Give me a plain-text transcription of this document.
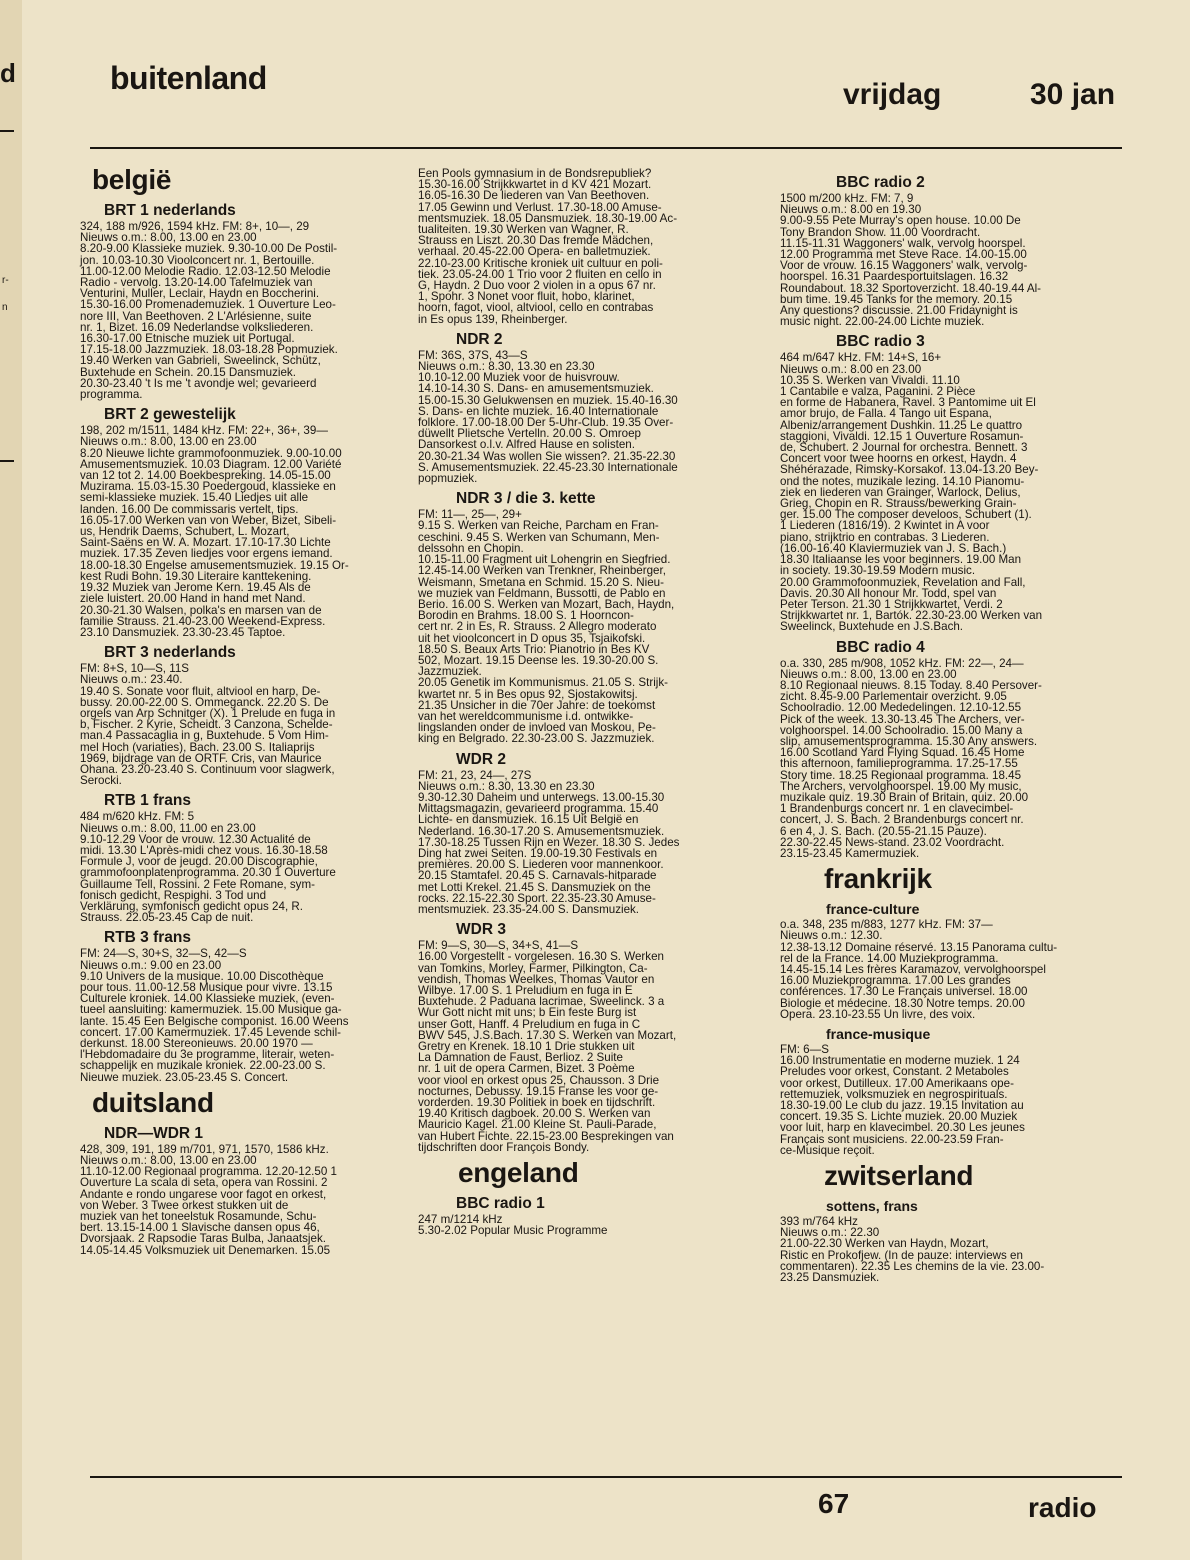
d
r-
n
buitenland	vrijdag	30 jan
belgië
BRT 1 nederlands

324, 188 m/926, 1594 kHz. FM: 8+, 10—, 29
Nieuws o.m.: 8.00, 13.00 en 23.00
8.20-9.00 Klassieke muziek. 9.30-10.00 De Postil-
jon. 10.03-10.30 Vioolconcert nr. 1, Bertouille.
11.00-12.00 Melodie Radio. 12.03-12.50 Melodie
Radio - vervolg. 13.20-14.00 Tafelmuziek van
Venturini, Muller, Leclair, Haydn en Boccherini.
15.30-16.00 Promenademuziek. 1 Ouverture Leo-
nore III, Van Beethoven. 2 L'Arlésienne, suite
nr. 1, Bizet. 16.09 Nederlandse volksliederen.
16.30-17.00 Etnische muziek uit Portugal.
17.15-18.00 Jazzmuziek. 18.03-18.28 Popmuziek.
19.40 Werken van Gabrieli, Sweelinck, Schütz,
Buxtehude en Schein. 20.15 Dansmuziek.
20.30-23.40 't Is me 't avondje wel; gevarieerd
programma.

BRT 2 gewestelijk

198, 202 m/1511, 1484 kHz. FM: 22+, 36+, 39—
Nieuws o.m.: 8.00, 13.00 en 23.00
8.20 Nieuwe lichte grammofoonmuziek. 9.00-10.00
Amusementsmuziek. 10.03 Diagram. 12.00 Variété
van 12 tot 2. 14.00 Boekbespreking. 14.05-15.00
Muzirama. 15.03-15.30 Poedergoud, klassieke en
semi-klassieke muziek. 15.40 Liedjes uit alle
landen. 16.00 De commissaris vertelt, tips.
16.05-17.00 Werken van von Weber, Bizet, Sibeli-
us, Hendrik Daems, Schubert, L. Mozart,
Saint-Saëns en W. A. Mozart. 17.10-17.30 Lichte
muziek. 17.35 Zeven liedjes voor ergens iemand.
18.00-18.30 Engelse amusementsmuziek. 19.15 Or-
kest Rudi Bohn. 19.30 Literaire kanttekening.
19.32 Muziek van Jerome Kern. 19.45 Als de
ziele luistert. 20.00 Hand in hand met Nand.
20.30-21.30 Walsen, polka's en marsen van de
familie Strauss. 21.40-23.00 Weekend-Express.
23.10 Dansmuziek. 23.30-23.45 Taptoe.

BRT 3 nederlands

FM: 8+S, 10—S, 11S
Nieuws o.m.: 23.40.
19.40 S. Sonate voor fluit, altviool en harp, De-
bussy. 20.00-22.00 S. Ommeganck. 22.20 S. De
orgels van Arp Schnitger (X). 1 Prelude en fuga in
b, Fischer. 2 Kyrie, Scheidt. 3 Canzona, Schelde-
man.4 Passacaglia in g, Buxtehude. 5 Vom Him-
mel Hoch (variaties), Bach. 23.00 S. Italiaprijs
1969, bijdrage van de ORTF. Cris, van Maurice
Ohana. 23.20-23.40 S. Continuum voor slagwerk,
Serocki.

RTB 1 frans

484 m/620 kHz. FM: 5
Nieuws o.m.: 8.00, 11.00 en 23.00
9.10-12.29 Voor de vrouw. 12.30 Actualité de
midi. 13.30 L'Après-midi chez vous. 16.30-18.58
Formule J, voor de jeugd. 20.00 Discographie,
grammofoonplatenprogramma. 20.30 1 Ouverture
Guillaume Tell, Rossini. 2 Fete Romane, sym-
fonisch gedicht, Respighi. 3 Tod und
Verklärung, symfonisch gedicht opus 24, R.
Strauss. 22.05-23.45 Cap de nuit.

RTB 3 frans

FM: 24—S, 30+S, 32—S, 42—S
Nieuws o.m.: 9.00 en 23.00
9.10 Univers de la musique. 10.00 Discothèque
pour tous. 11.00-12.58 Musique pour vivre. 13.15
Culturele kroniek. 14.00 Klassieke muziek, (even-
tueel aansluiting: kamermuziek. 15.00 Musique ga-
lante. 15.45 Een Belgische componist. 16.00 Weens
concert. 17.00 Kamermuziek. 17.45 Levende schil-
derkunst. 18.00 Stereonieuws. 20.00 1970 —
l'Hebdomadaire du 3e programme, literair, weten-
schappelijk en muzikale kroniek. 22.00-23.00 S.
Nieuwe muziek. 23.05-23.45 S. Concert.

duitsland
NDR—WDR 1

428, 309, 191, 189 m/701, 971, 1570, 1586 kHz.
Nieuws o.m.: 8.00, 13.00 en 23.00
11.10-12.00 Regionaal programma. 12.20-12.50 1
Ouverture La scala di seta, opera van Rossini. 2
Andante e rondo ungarese voor fagot en orkest,
von Weber. 3 Twee orkest stukken uit de
muziek van het toneelstuk Rosamunde, Schu-
bert. 13.15-14.00 1 Slavische dansen opus 46,
Dvorsjaak. 2 Rapsodie Taras Bulba, Janaatsjek.
14.05-14.45 Volksmuziek uit Denemarken. 15.05

Een Pools gymnasium in de Bondsrepubliek?
15.30-16.00 Strijkkwartet in d KV 421 Mozart.
16.05-16.30 De liederen van Van Beethoven.
17.05 Gewinn und Verlust. 17.30-18.00 Amuse-
mentsmuziek. 18.05 Dansmuziek. 18.30-19.00 Ac-
tualiteiten. 19.30 Werken van Wagner, R.
Strauss en Liszt. 20.30 Das fremde Mädchen,
verhaal. 20.45-22.00 Opera- en balletmuziek.
22.10-23.00 Kritische kroniek uit cultuur en poli-
tiek. 23.05-24.00 1 Trio voor 2 fluiten en cello in
G, Haydn. 2 Duo voor 2 violen in a opus 67 nr.
1, Spohr. 3 Nonet voor fluit, hobo, klarinet,
hoorn, fagot, viool, altviool, cello en contrabas
in Es opus 139, Rheinberger.

NDR 2

FM: 36S, 37S, 43—S
Nieuws o.m.: 8.30, 13.30 en 23.30
10.10-12.00 Muziek voor de huisvrouw.
14.10-14.30 S. Dans- en amusementsmuziek.
15.00-15.30 Gelukwensen en muziek. 15.40-16.30
S. Dans- en lichte muziek. 16.40 Internationale
folklore. 17.00-18.00 Der 5-Uhr-Club. 19.35 Over-
düwellt Plietsche Vertelln. 20.00 S. Omroep
Dansorkest o.l.v. Alfred Hause en solisten.
20.30-21.34 Was wollen Sie wissen?. 21.35-22.30
S. Amusementsmuziek. 22.45-23.30 Internationale
popmuziek.

NDR 3 / die 3. kette

FM: 11—, 25—, 29+
9.15 S. Werken van Reiche, Parcham en Fran-
ceschini. 9.45 S. Werken van Schumann, Men-
delssohn en Chopin.
10.15-11.00 Fragment uit Lohengrin en Siegfried.
12.45-14.00 Werken van Trenkner, Rheinberger,
Weismann, Smetana en Schmid. 15.20 S. Nieu-
we muziek van Feldmann, Bussotti, de Pablo en
Berio. 16.00 S. Werken van Mozart, Bach, Haydn,
Borodin en Brahms. 18.00 S. 1 Hoorncon-
cert nr. 2 in Es, R. Strauss. 2 Allegro moderato
uit het vioolconcert in D opus 35, Tsjaikofski.
18.50 S. Beaux Arts Trio: Pianotrio in Bes KV
502, Mozart. 19.15 Deense les. 19.30-20.00 S.
Jazzmuziek.
20.05 Genetik im Kommunismus. 21.05 S. Strijk-
kwartet nr. 5 in Bes opus 92, Sjostakowitsj.
21.35 Unsicher in die 70er Jahre: de toekomst
van het wereldcommunisme i.d. ontwikke-
lingslanden onder de invloed van Moskou, Pe-
king en Belgrado. 22.30-23.00 S. Jazzmuziek.

WDR 2

FM: 21, 23, 24—, 27S
Nieuws o.m.: 8.30, 13.30 en 23.30
9.30-12.30 Daheim und unterwegs. 13.00-15.30
Mittagsmagazin, gevarieerd programma. 15.40
Lichte- en dansmuziek. 16.15 Uit België en
Nederland. 16.30-17.20 S. Amusementsmuziek.
17.30-18.25 Tussen Rijn en Wezer. 18.30 S. Jedes
Ding hat zwei Seiten. 19.00-19.30 Festivals en
premières. 20.00 S. Liederen voor mannenkoor.
20.15 Stamtafel. 20.45 S. Carnavals-hitparade
met Lotti Krekel. 21.45 S. Dansmuziek on the
rocks. 22.15-22.30 Sport. 22.35-23.30 Amuse-
mentsmuziek. 23.35-24.00 S. Dansmuziek.

WDR 3

FM: 9—S, 30—S, 34+S, 41—S
16.00 Vorgestellt - vorgelesen. 16.30 S. Werken
van Tomkins, Morley, Farmer, Pilkington, Ca-
vendish, Thomas Weelkes, Thomas Vautor en
Wilbye. 17.00 S. 1 Preludium en fuga in E
Buxtehude. 2 Paduana lacrimae, Sweelinck. 3 a
Wur Gott nicht mit uns; b Ein feste Burg ist
unser Gott, Hanff. 4 Preludium en fuga in C
BWV 545, J.S.Bach. 17.30 S. Werken van Mozart,
Gretry en Krenek. 18.10 1 Drie stukken uit
La Damnation de Faust, Berlioz. 2 Suite
nr. 1 uit de opera Carmen, Bizet. 3 Poème
voor viool en orkest opus 25, Chausson. 3 Drie
nocturnes, Debussy. 19.15 Franse les voor ge-
vorderden. 19.30 Politiek in boek en tijdschrift.
19.40 Kritisch dagboek. 20.00 S. Werken van
Mauricio Kagel. 21.00 Kleine St. Pauli-Parade,
van Hubert Fichte. 22.15-23.00 Besprekingen van
tijdschriften door François Bondy.

engeland
BBC radio 1

247 m/1214 kHz
5.30-2.02 Popular Music Programme

BBC radio 2

1500 m/200 kHz. FM: 7, 9
Nieuws o.m.: 8.00 en 19.30
9.00-9.55 Pete Murray's open house. 10.00 De
Tony Brandon Show. 11.00 Voordracht.
11.15-11.31 Waggoners' walk, vervolg hoorspel.
12.00 Programma met Steve Race. 14.00-15.00
Voor de vrouw. 16.15 Waggoners' walk, vervolg-
hoorspel. 16.31 Paardesportuitslagen. 16.32
Roundabout. 18.32 Sportoverzicht. 18.40-19.44 Al-
bum time. 19.45 Tanks for the memory. 20.15
Any questions? discussie. 21.00 Fridaynight is
music night. 22.00-24.00 Lichte muziek.

BBC radio 3

464 m/647 kHz. FM: 14+S, 16+
Nieuws o.m.: 8.00 en 23.00
10.35 S. Werken van Vivaldi. 11.10
1 Cantabile e valza, Paganini. 2 Pièce
en forme de Habanera, Ravel. 3 Pantomime uit El
amor brujo, de Falla. 4 Tango uit Espana,
Albeniz/arrangement Dushkin. 11.25 Le quattro
staggioni, Vivaldi. 12.15 1 Ouverture Rosamun-
de, Schubert. 2 Journal for orchestra. Bennett. 3
Concert voor twee hoorns en orkest, Haydn. 4
Shéhérazade, Rimsky-Korsakof. 13.04-13.20 Bey-
ond the notes, muzikale lezing. 14.10 Pianomu-
ziek en liederen van Grainger, Warlock, Delius,
Grieg, Chopin en R. Strauss/bewerking Grain-
ger. 15.00 The composer develoos, Schubert (1).
1 Liederen (1816/19). 2 Kwintet in A voor
piano, strijktrio en contrabas. 3 Liederen.
(16.00-16.40 Klaviermuziek van J. S. Bach.)
18.30 Italiaanse les voor beginners. 19.00 Man
in society. 19.30-19.59 Modern music.
20.00 Grammofoonmuziek, Revelation and Fall,
Davis. 20.30 All honour Mr. Todd, spel van
Peter Terson. 21.30 1 Strijkkwartet, Verdi. 2
Strijkkwartet nr. 1, Bartók. 22.30-23.00 Werken van
Sweelinck, Buxtehude en J.S.Bach.

BBC radio 4

o.a. 330, 285 m/908, 1052 kHz. FM: 22—, 24—
Nieuws o.m.: 8.00, 13.00 en 23.00
8.10 Regionaal nieuws. 8.15 Today. 8.40 Persover-
zicht. 8.45-9.00 Parlementair overzicht. 9.05
Schoolradio. 12.00 Mededelingen. 12.10-12.55
Pick of the week. 13.30-13.45 The Archers, ver-
volghoorspel. 14.00 Schoolradio. 15.00 Many a
slip, amusementsprogramma. 15.30 Any answers.
16.00 Scotland Yard Flying Squad. 16.45 Home
this afternoon, familieprogramma. 17.25-17.55
Story time. 18.25 Regionaal programma. 18.45
The Archers, vervolghoorspel. 19.00 My music,
muzikale quiz. 19.30 Brain of Britain, quiz. 20.00
1 Brandenburgs concert nr. 1 en clavecimbel-
concert, J. S. Bach. 2 Brandenburgs concert nr.
6 en 4, J. S. Bach. (20.55-21.15 Pauze).
22.30-22.45 News-stand. 23.02 Voordracht.
23.15-23.45 Kamermuziek.

frankrijk
france-culture

o.a. 348, 235 m/883, 1277 kHz. FM: 37—
Nieuws o.m.: 12.30.
12.38-13.12 Domaine réservé. 13.15 Panorama cultu-
rel de la France. 14.00 Muziekprogramma.
14.45-15.14 Les frères Karamazov, vervolghoorspel
16.00 Muziekprogramma. 17.00 Les grandes
conférences. 17.30 Le Français universel. 18.00
Biologie et médecine. 18.30 Notre temps. 20.00
Opera. 23.10-23.55 Un livre, des voix.

france-musique

FM: 6—S
16.00 Instrumentatie en moderne muziek. 1 24
Preludes voor orkest, Constant. 2 Metaboles
voor orkest, Dutilleux. 17.00 Amerikaans ope-
rettemuziek, volksmuziek en negrospirituals.
18.30-19.00 Le club du jazz. 19.15 Invitation au
concert. 19.35 S. Lichte muziek. 20.00 Muziek
voor luit, harp en klavecimbel. 20.30 Les jeunes
Français sont musiciens. 22.00-23.59 Fran-
ce-Musique reçoit.

zwitserland
sottens, frans

393 m/764 kHz
Nieuws o.m.: 22.30
21.00-22.30 Werken van Haydn, Mozart,
Ristic en Prokofjew. (In de pauze: interviews en
commentaren). 22.35 Les chemins de la vie. 23.00-
23.25 Dansmuziek.

67	radio
